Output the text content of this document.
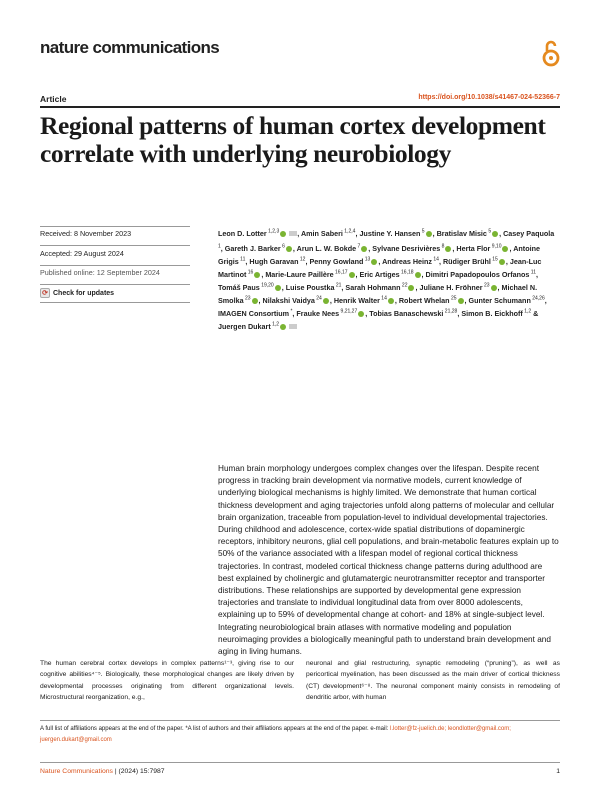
nature communications
Article	https://doi.org/10.1038/s41467-024-52366-7
Regional patterns of human cortex development correlate with underlying neurobiology
Received: 8 November 2023
Accepted: 29 August 2024
Published online: 12 September 2024
⟳ Check for updates
Leon D. Lotter $^{1,2,3}$	, Amin Saberi $^{1,2,4}$, Justine Y. Hansen $^5$ , Bratislav Misic $^5$ , Casey Paquola $^1$, Gareth J. Barker $^6$ , Arun L. W. Bokde $^7$ , Sylvane Desrivières $^8$ , Herta Flor $^{9,10}$ , Antoine Grigis $^{11}$, Hugh Garavan $^{12}$, Penny Gowland $^{13}$ , Andreas Heinz $^{14}$, Rüdiger Brühl $^{15}$ , Jean-Luc Martinot $^{16}$ , Marie-Laure Paillère $^{16,17}$ , Eric Artiges $^{16,18}$ , Dimitri Papadopoulos Orfanos $^{11}$, Tomáš Paus $^{19,20}$ , Luise Poustka $^{21}$, Sarah Hohmann $^{22}$ , Juliane H. Fröhner $^{23}$ , Michael N. Smolka $^{23}$ , Nilakshi Vaidya $^{24}$ , Henrik Walter $^{14}$ , Robert Whelan $^{25}$ , Gunter Schumann $^{24,26}$, IMAGEN Consortium *, Frauke Nees $^{9,21,27}$ , Tobias Banaschewski $^{21,28}$, Simon B. Eickhoff $^{1,2}$ & Juergen Dukart $^{1,2}$

Human brain morphology undergoes complex changes over the lifespan. Despite recent progress in tracking brain development via normative models, current knowledge of underlying biological mechanisms is highly limited. We demonstrate that human cortical thickness development and aging trajectories unfold along patterns of molecular and cellular brain organization, traceable from population-level to individual developmental trajectories. During childhood and adolescence, cortex-wide spatial distributions of dopaminergic receptors, inhibitory neurons, glial cell populations, and brain-metabolic features explain up to 50% of the variance associated with a lifespan model of regional cortical thickness trajectories. In contrast, modeled cortical thickness change patterns during adulthood are best explained by cholinergic and glutamatergic neurotransmitter receptor and transporter distributions. These relationships are supported by developmental gene expression trajectories and translate to individual longitudinal data from over 8000 adolescents, explaining up to 59% of developmental change at cohort- and 18% at single-subject level. Integrating neurobiological brain atlases with normative modeling and population neuroimaging provides a biologically meaningful path to understand brain development and aging in living humans.

The human cerebral cortex develops in complex patterns¹⁻³, giving rise to our cognitive abilities⁴⁻⁵. Biologically, these morphological changes are likely driven by developmental processes originating from different organizational levels. Microstructural reorganization, e.g.,

neuronal and glial restructuring, synaptic remodeling (“pruning”), as well as pericortical myelination, has been discussed as the main driver of cortical thickness (CT) development⁶⁻⁸. The neuronal component mainly consists in remodeling of dendritic arbor, with human

A full list of affiliations appears at the end of the paper. *A list of authors and their affiliations appears at the end of the paper. e-mail: l.lotter@fz-juelich.de; leondlotter@gmail.com; juergen.dukart@gmail.com
Nature Communications | (2024) 15:7987	1
